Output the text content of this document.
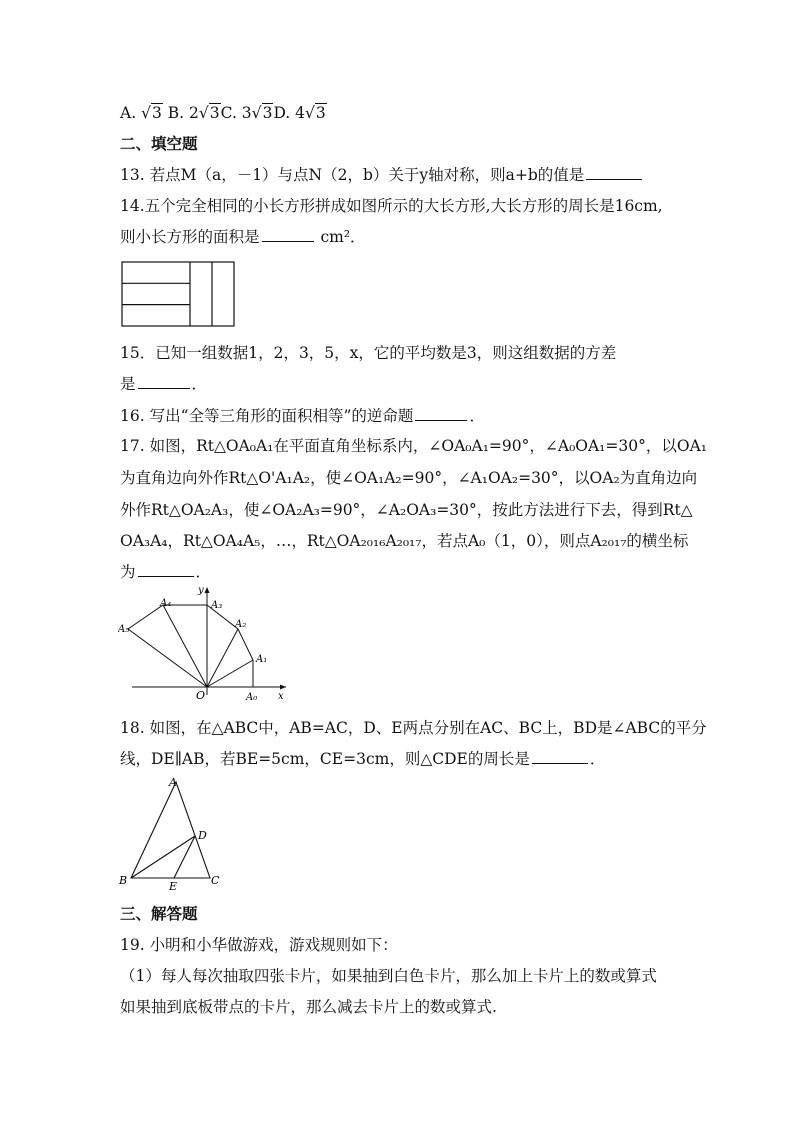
A. √3 B. 2√3C. 3√3D. 4√3
二、填空题
13. 若点M（a，－1）与点N（2，b）关于y轴对称，则a+b的值是
14.五个完全相同的小长方形拼成如图所示的大长方形,大长方形的周长是16cm,
则小长方形的面积是	cm²．
15．已知一组数据1，2，3，5，x，它的平均数是3，则这组数据的方差
是	．
16. 写出“全等三角形的面积相等”的逆命题	．
17. 如图，Rt△OA₀A₁在平面直角坐标系内，∠OA₀A₁=90°，∠A₀OA₁=30°，以OA₁
为直角边向外作Rt△O'A₁A₂，使∠OA₁A₂=90°，∠A₁OA₂=30°，以OA₂为直角边向
外作Rt△OA₂A₃，使∠OA₂A₃=90°，∠A₂OA₃=30°，按此方法进行下去，得到Rt△
OA₃A₄，Rt△OA₄A₅，…，Rt△OA₂₀₁₆A₂₀₁₇，若点A₀（1，0），则点A₂₀₁₇的横坐标
为	．
y
x
O	A₀
A₁
A₂
A₃
A₄
A₅
18. 如图，在△ABC中，AB=AC，D、E两点分别在AC、BC上，BD是∠ABC的平分
线，DE∥AB，若BE=5cm，CE=3cm，则△CDE的周长是	．
A
B	C
D
E
三、解答题
19. 小明和小华做游戏，游戏规则如下：
（1）每人每次抽取四张卡片，如果抽到白色卡片，那么加上卡片上的数或算式
如果抽到底板带点的卡片，那么减去卡片上的数或算式.
